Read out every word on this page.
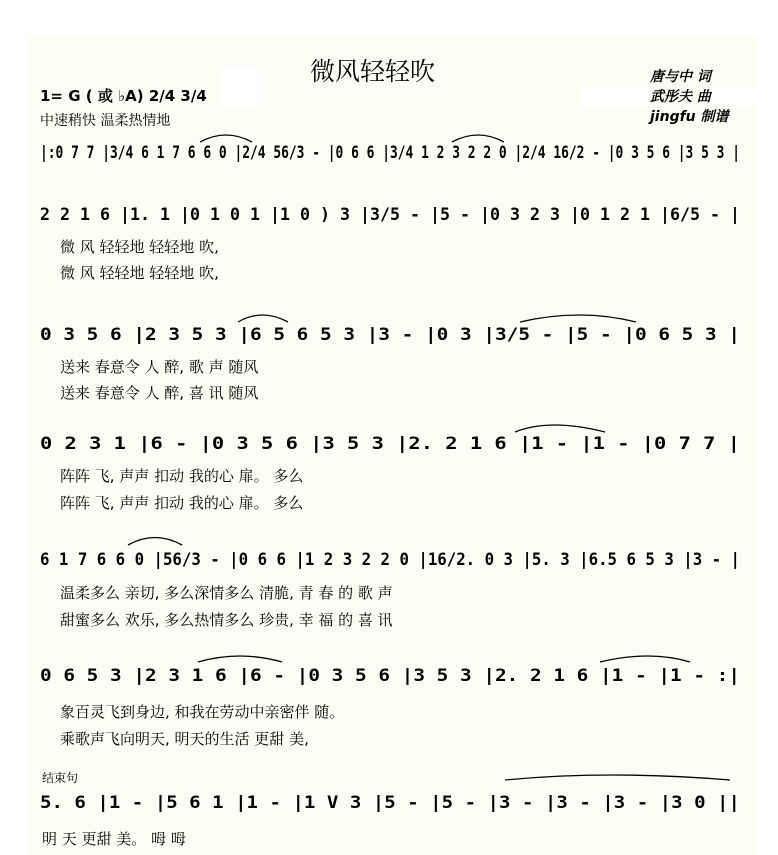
微风轻轻吹
1= G ( 或 ♭A) 2/4 3/4
中速稍快 温柔热情地
唐与中 词
武彤夫 曲
jingfu 制谱
结束句
|:0 7 7 |3/4 6 1 7 6 6 0 |2/4 56/3 - |0 6 6 |3/4 1 2 3 2 2 0 |2/4 16/2 - |0 3 5 6 |3 5 3 |
2 2 1 6 |1. 1 |0 1 0 1 |1 0 ) 3 |3/5 - |5 - |0 3 2 3 |0 1 2 1 |6/5 - |
0 3 5 6 |2 3 5 3 |6 5 6 5 3 |3 - |0 3 |3/5 - |5 - |0 6 5 3 |
0 2 3 1 |6 - |0 3 5 6 |3 5 3 |2. 2 1 6 |1 - |1 - |0 7 7 |
6 1 7 6 6 0 |56/3 - |0 6 6 |1 2 3 2 2 0 |16/2. 0 3 |5. 3 |6.5 6 5 3 |3 - |
0 6 5 3 |2 3 1 6 |6 - |0 3 5 6 |3 5 3 |2. 2 1 6 |1 - |1 - :|
5. 6 |1 - |5 6 1 |1 - |1 V 3 |5 - |5 - |3 - |3 - |3 - |3 0 ||
微 风 轻轻地 轻轻地 吹,
微 风 轻轻地 轻轻地 吹,
送来 春意令 人 醉, 歌 声 随风
送来 春意令 人 醉, 喜 讯 随风
阵阵 飞, 声声 扣动 我的心 扉。 多么
阵阵 飞, 声声 扣动 我的心 扉。 多么
温柔多么 亲切, 多么深情多么 清脆, 青 春 的 歌 声
甜蜜多么 欢乐, 多么热情多么 珍贵, 幸 福 的 喜 讯
象百灵飞到身边, 和我在劳动中亲密伴 随。
乘歌声飞向明天, 明天的生活 更甜 美,
明 天 更甜 美。 呣 呣
